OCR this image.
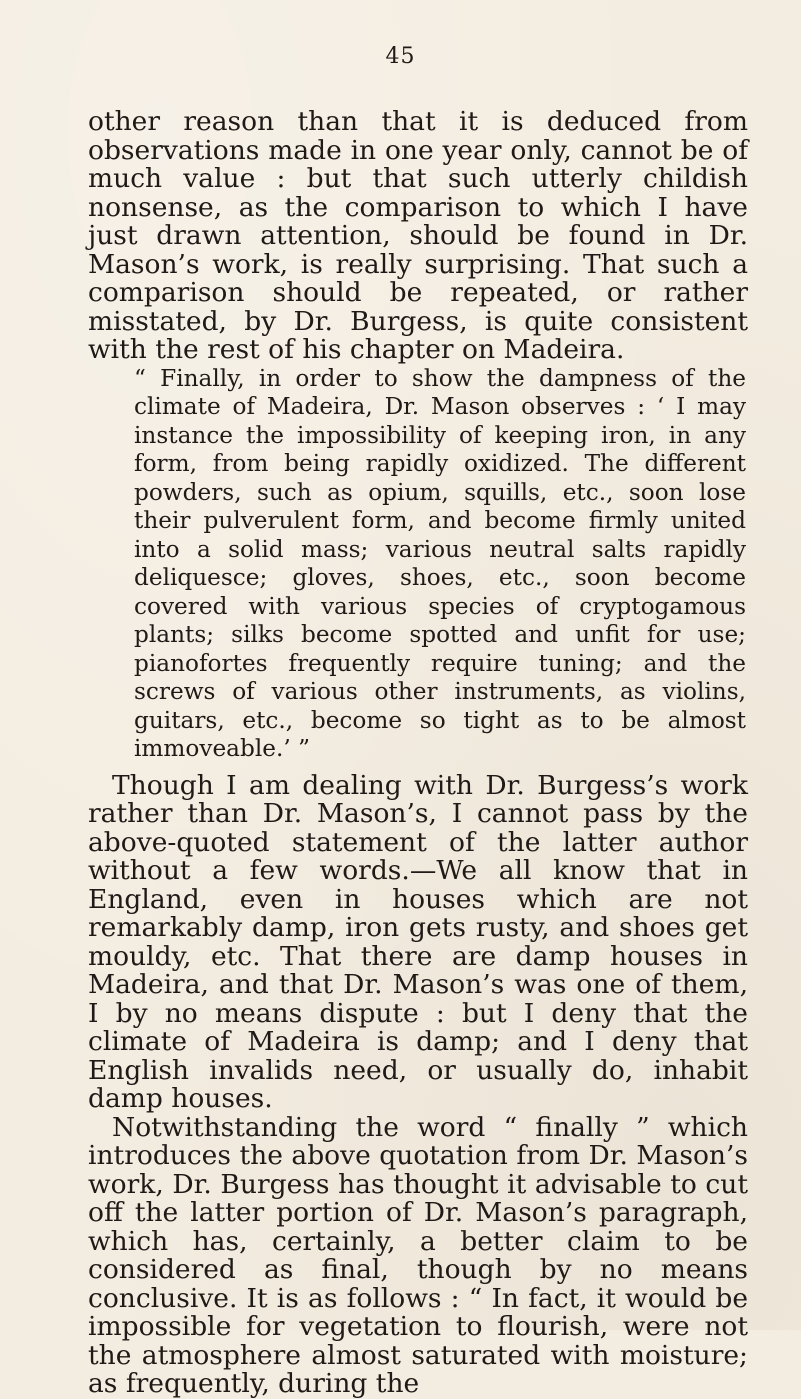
45

other reason than that it is deduced from observations made in one year only, cannot be of much value : but that such utterly childish nonsense, as the comparison to which I have just drawn attention, should be found in Dr. Mason’s work, is really surprising. That such a comparison should be repeated, or rather misstated, by Dr. Burgess, is quite consistent with the rest of his chapter on Madeira.

“ Finally, in order to show the dampness of the climate of Madeira, Dr. Mason observes : ‘ I may instance the impossibility of keeping iron, in any form, from being rapidly oxidized. The different powders, such as opium, squills, etc., soon lose their pulverulent form, and become firmly united into a solid mass; various neutral salts rapidly deliquesce; gloves, shoes, etc., soon become covered with various species of cryptogamous plants; silks become spotted and unfit for use; pianofortes frequently require tuning; and the screws of various other instruments, as violins, guitars, etc., become so tight as to be almost immoveable.’ ”

Though I am dealing with Dr. Burgess’s work rather than Dr. Mason’s, I cannot pass by the above-quoted statement of the latter author without a few words.—We all know that in England, even in houses which are not remarkably damp, iron gets rusty, and shoes get mouldy, etc. That there are damp houses in Madeira, and that Dr. Mason’s was one of them, I by no means dispute : but I deny that the climate of Madeira is damp; and I deny that English invalids need, or usually do, inhabit damp houses.

Notwithstanding the word “ finally ” which introduces the above quotation from Dr. Mason’s work, Dr. Burgess has thought it advisable to cut off the latter portion of Dr. Mason’s paragraph, which has, certainly, a better claim to be considered as final, though by no means conclusive. It is as follows : “ In fact, it would be impossible for vegetation to flourish, were not the atmosphere almost saturated with moisture; as frequently, during the
